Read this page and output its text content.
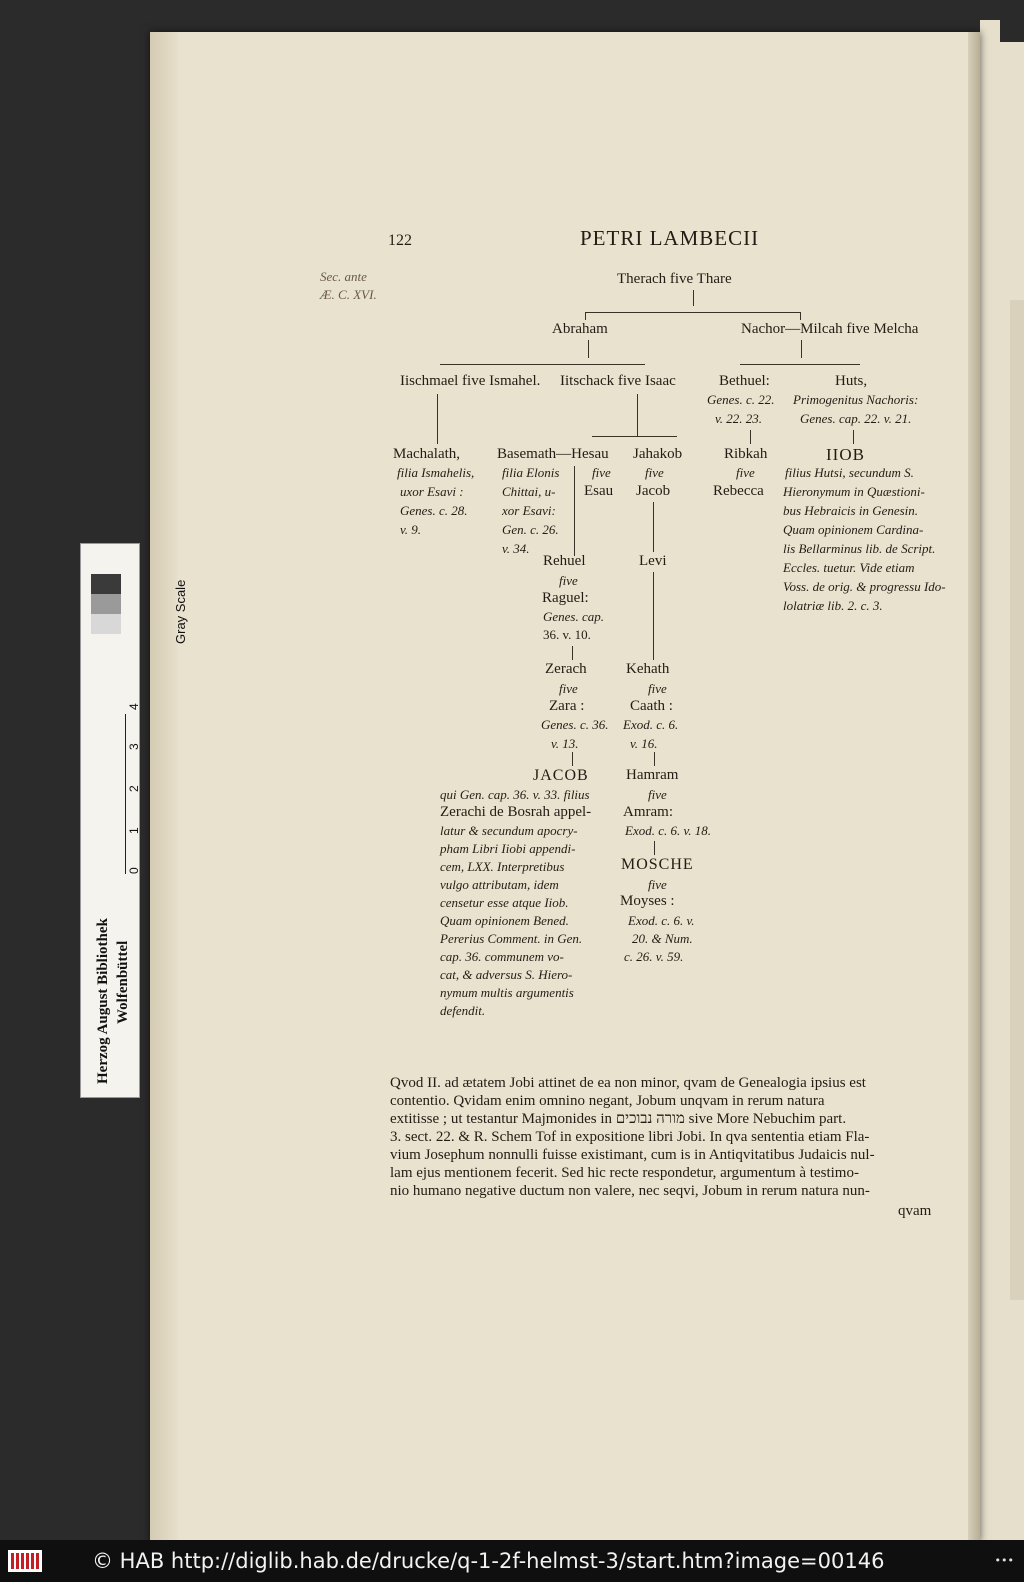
122	PETRI LAMBECII
Sec. ante
Æ. C. XVI.
Therach five Thare
Abraham	Nachor—Milcah five Melcha
Iischmael five Ismahel. Iitschack five Isaac	Bethuel:
Genes. c. 22.
v. 22. 23.
Huts,
Primogenitus Nachoris:
Genes. cap. 22. v. 21.
Machalath,
filia Ismahelis,
uxor Esavi :
Genes. c. 28.
v. 9.
Basemath—Hesau
filia Elonis
Chittai, u-
xor Esavi:
Gen. c. 26.
v. 34.
five
Esau
Jahakob
five
Jacob
Ribkah
five
Rebecca
IIOB
filius Hutsi, secundum S.
Hieronymum in Quæstioni-
bus Hebraicis in Genesin.
Quam opinionem Cardina-
lis Bellarminus lib. de Script.
Eccles. tuetur. Vide etiam
Voss. de orig. & progressu Ido-
lolatriæ lib. 2. c. 3.
Rehuel
five
Raguel:
Genes. cap.
36. v. 10.
Levi
Zerach
five
Zara :
Genes. c. 36.
v. 13.
Kehath
five
Caath :
Exod. c. 6.
v. 16.
JACOB
qui Gen. cap. 36. v. 33. filius
Zerachi de Bosrah appel-
latur & secundum apocry-
pham Libri Iiobi appendi-
cem, LXX. Interpretibus
vulgo attributam, idem
censetur esse atque Iiob.
Quam opinionem Bened.
Pererius Comment. in Gen.
cap. 36. communem vo-
cat, & adversus S. Hiero-
nymum multis argumentis
defendit.
Hamram
five
Amram:
Exod. c. 6. v. 18.
MOSCHE
five
Moyses :
Exod. c. 6. v.
20. & Num.
c. 26. v. 59.
Qvod II. ad ætatem Jobi attinet de ea non minor, qvam de Genealogia ipsius est
contentio. Qvidam enim omnino negant, Jobum unqvam in rerum natura
extitisse ; ut testantur Majmonides in מורה נבוכים sive More Nebuchim part.
3. sect. 22. & R. Schem Tof in expositione libri Jobi. In qva sententia etiam Fla-
vium Josephum nonnulli fuisse existimant, cum is in Antiqvitatibus Judaicis nul-
lam ejus mentionem fecerit. Sed hic recte respondetur, argumentum à testimo-
nio humano negative ductum non valere, nec seqvi, Jobum in rerum natura nun-
qvam
Gray Scale
0
1
2
3
4
Herzog August Bibliothek Wolfenbüttel
© HAB http://diglib.hab.de/drucke/q-1-2f-helmst-3/start.htm?image=00146	•••
